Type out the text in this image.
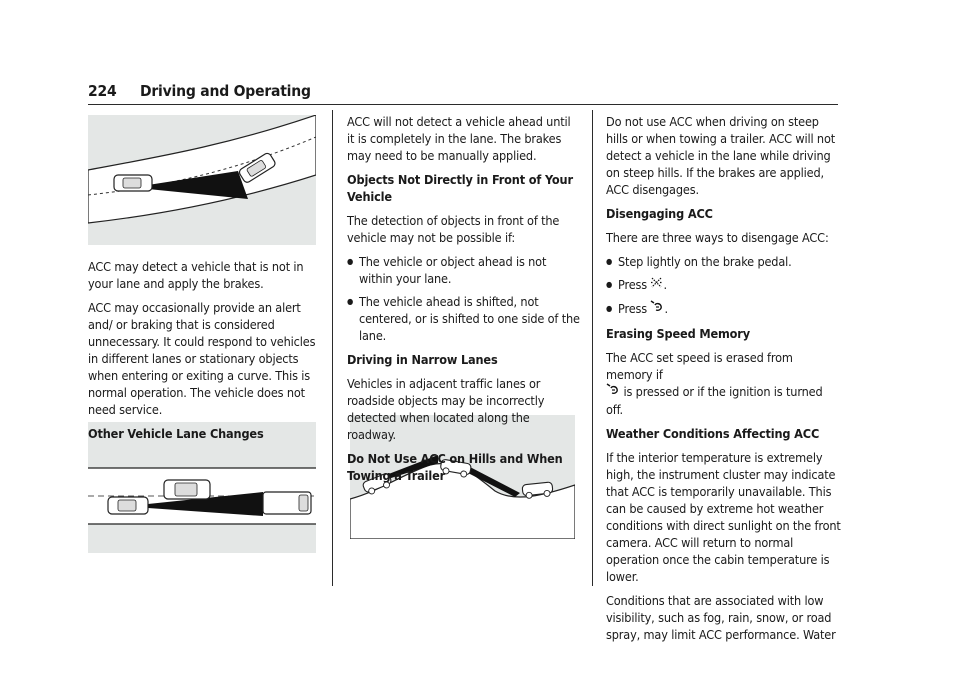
224 Driving and Operating

ACC may detect a vehicle that is not in your lane and apply the brakes.

ACC may occasionally provide an alert and/ or braking that is considered unnecessary. It could respond to vehicles in different lanes or stationary objects when entering or exiting a curve. This is normal operation. The vehicle does not need service.

Other Vehicle Lane Changes

ACC will not detect a vehicle ahead until it is completely in the lane. The brakes may need to be manually applied.

Objects Not Directly in Front of Your Vehicle

The detection of objects in front of the vehicle may not be possible if:

● The vehicle or object ahead is not within your lane.
● The vehicle ahead is shifted, not centered, or is shifted to one side of the lane.

Driving in Narrow Lanes

Vehicles in adjacent traffic lanes or roadside objects may be incorrectly detected when located along the roadway.

Do Not Use ACC on Hills and When Towing a Trailer

Do not use ACC when driving on steep hills or when towing a trailer. ACC will not detect a vehicle in the lane while driving on steep hills. If the brakes are applied, ACC disengages.

Disengaging ACC

There are three ways to disengage ACC:

● Step lightly on the brake pedal.
● Press .
● Press .

Erasing Speed Memory

The ACC set speed is erased from memory if
is pressed or if the ignition is turned off.

Weather Conditions Affecting ACC

If the interior temperature is extremely high, the instrument cluster may indicate that ACC is temporarily unavailable. This can be caused by extreme hot weather conditions with direct sunlight on the front camera. ACC will return to normal operation once the cabin temperature is lower.

Conditions that are associated with low visibility, such as fog, rain, snow, or road spray, may limit ACC performance. Water
